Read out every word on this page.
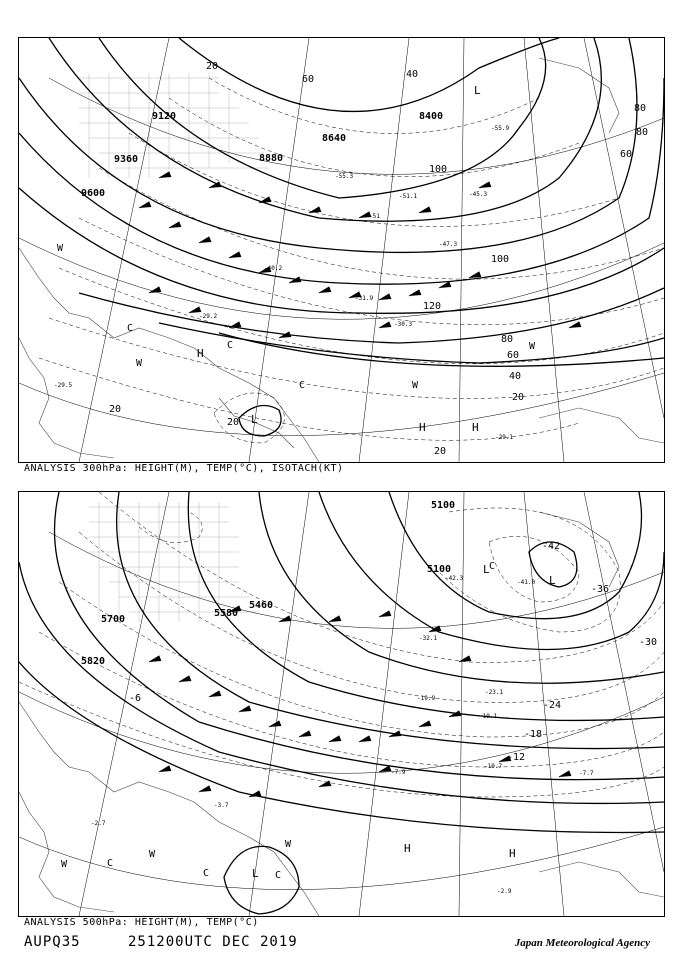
9120
9360
9600
8880
8640
8400
20
40
60
80
100
120
80
60
40
20
60
80
100
20
20
20
L
L
H
H	H
C
C
C
W
W
W
W
-55.9
-47.3
-51
-40.2
-29.2
-30.3
-31.9
-55.3
-51.1	-45.3
-29.1
-29.5
ANALYSIS 300hPa: HEIGHT(M), TEMP(°C), ISOTACH(KT)
5100
5100
5580
5700
5820
5460
-42
-36
-30
-24
-18
-12
-6
L
L
L
H	H
C
C
C	C
W
W
W
-41.0
-42.3
-32.1
-19.9
-10.7
-7.9	-7.7
-23.1
-19.1
-2.7
-3.7
-2.9
ANALYSIS 500hPa: HEIGHT(M), TEMP(°C)
AUPQ35	251200UTC DEC 2019	Japan Meteorological Agency
